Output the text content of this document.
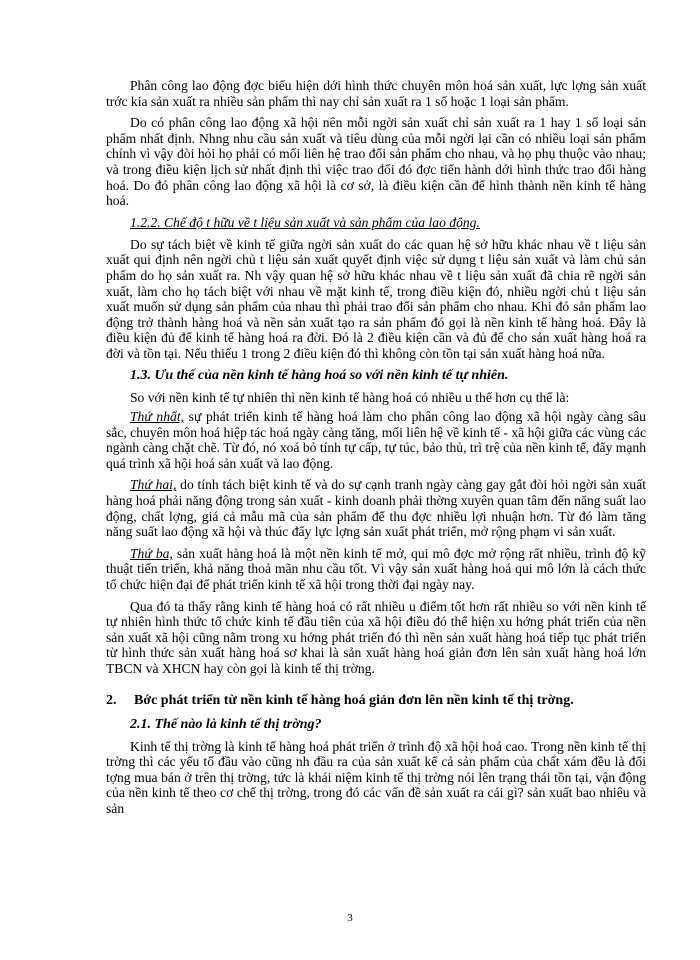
Phân công lao động đợc biểu hiện dới hình thức chuyên môn hoá sản xuất, lực lợng sản xuất trớc kia sản xuất ra nhiều sản phẩm thì nay chỉ sản xuất ra 1 số hoặc 1 loại sản phẩm.

Do có phân công lao động xã hội nên mỗi ngời sản xuất chỉ sản xuất ra 1 hay 1 số loại sản phẩm nhất định. Nhng nhu cầu sản xuất và tiêu dùng của mỗi ngời lại cần có nhiều loại sản phẩm chính vì vậy đòi hỏi họ phải có mối liên hệ trao đổi sản phẩm cho nhau, và họ phụ thuộc vào nhau; và trong điều kiện lịch sử nhất định thì việc trao đổi đó đợc tiến hành dới hình thức trao đổi hàng hoá. Do đó phân công lao động xã hội là cơ sở, là điều kiện cần để hình thành nền kinh tế hàng hoá.

1.2.2. Chế độ t hữu về t liệu sản xuất và sản phẩm của lao động.

Do sự tách biệt về kinh tế giữa ngời sản xuất do các quan hệ sở hữu khác nhau về t liệu sản xuất qui định nên ngời chủ t liệu sản xuất quyết định việc sử dụng t liệu sản xuất và làm chủ sản phẩm do họ sản xuất ra. Nh vậy quan hệ sở hữu khác nhau về t liệu sản xuất đã chia rẽ ngời sản xuất, làm cho họ tách biệt với nhau về mặt kinh tế, trong điều kiện đó, nhiều ngời chủ t liệu sản xuất muốn sử dụng sản phẩm của nhau thì phải trao đổi sản phẩm cho nhau. Khi đó sản phẩm lao động trở thành hàng hoá và nền sản xuất tạo ra sản phẩm đó gọi là nền kinh tế hàng hoá. Đây là điều kiện đủ để kinh tế hàng hoá ra đời. Đó là 2 điều kiện cần và đủ để cho sản xuất hàng hoá ra đời và tồn tại. Nếu thiếu 1 trong 2 điều kiện đó thì không còn tồn tại sản xuất hàng hoá nữa.

1.3. Ưu thế của nền kinh tế hàng hoá so với nền kinh tế tự nhiên.

So với nền kinh tế tự nhiên thì nền kinh tế hàng hoá có nhiều u thế hơn cụ thể là:

Thứ nhất, sự phát triển kinh tế hàng hoá làm cho phân công lao động xã hội ngày càng sâu sắc, chuyên môn hoá hiệp tác hoá ngày càng tăng, mối liên hệ về kinh tế - xã hội giữa các vùng các ngành càng chặt chẽ. Từ đó, nó xoá bỏ tính tự cấp, tự túc, bảo thủ, trì trệ của nền kinh tế, đẩy mạnh quá trình xã hội hoá sản xuất và lao động.

Thứ hai, do tính tách biệt kinh tế và do sự cạnh tranh ngày càng gay gắt đòi hỏi ngời sản xuất hàng hoá phải năng động trong sản xuất - kinh doanh phải thờng xuyên quan tâm đến năng suất lao động, chất lợng, giá cả mẫu mã của sản phẩm để thu đợc nhiều lợi nhuận hơn. Từ đó làm tăng năng suất lao động xã hội và thúc đẩy lực lợng sản xuất phát triển, mở rộng phạm vi sản xuất.

Thứ ba, sản xuất hàng hoá là một nền kinh tế mở, qui mô đợc mở rộng rất nhiều, trình độ kỹ thuật tiến triển, khả năng thoả mãn nhu cầu tốt. Vì vậy sản xuất hàng hoá qui mô lớn là cách thức tổ chức hiện đại để phát triển kinh tế xã hội trong thời đại ngày nay.

Qua đó ta thấy rằng kinh tế hàng hoá có rất nhiều u điểm tốt hơn rất nhiều so với nền kinh tế tự nhiên hình thức tổ chức kinh tế đầu tiên của xã hội điều đó thể hiện xu hớng phát triển của nền sản xuất xã hội cũng nằm trong xu hớng phát triển đó thì nền sản xuất hàng hoá tiếp tục phát triển từ hình thức sản xuất hàng hoá sơ khai là sản xuất hàng hoá giản đơn lên sản xuất hàng hoá lớn TBCN và XHCN hay còn gọi là kinh tế thị trờng.

2.	Bớc phát triển từ nền kinh tế hàng hoá giản đơn lên nền kinh tế thị trờng.
2.1. Thế nào là kinh tế thị trờng?

Kinh tế thị trờng là kinh tế hàng hoá phát triển ở trình độ xã hội hoá cao. Trong nền kinh tế thị trờng thì các yếu tố đầu vào cũng nh đầu ra của sản xuất kể cả sản phẩm của chất xám đều là đối tợng mua bán ở trên thị trờng, tức là khái niệm kinh tế thị trờng nói lên trạng thái tồn tại, vận động của nền kinh tế theo cơ chế thị trờng, trong đó các vấn đề sản xuất ra cái gì? sản xuất bao nhiêu và sản

3
